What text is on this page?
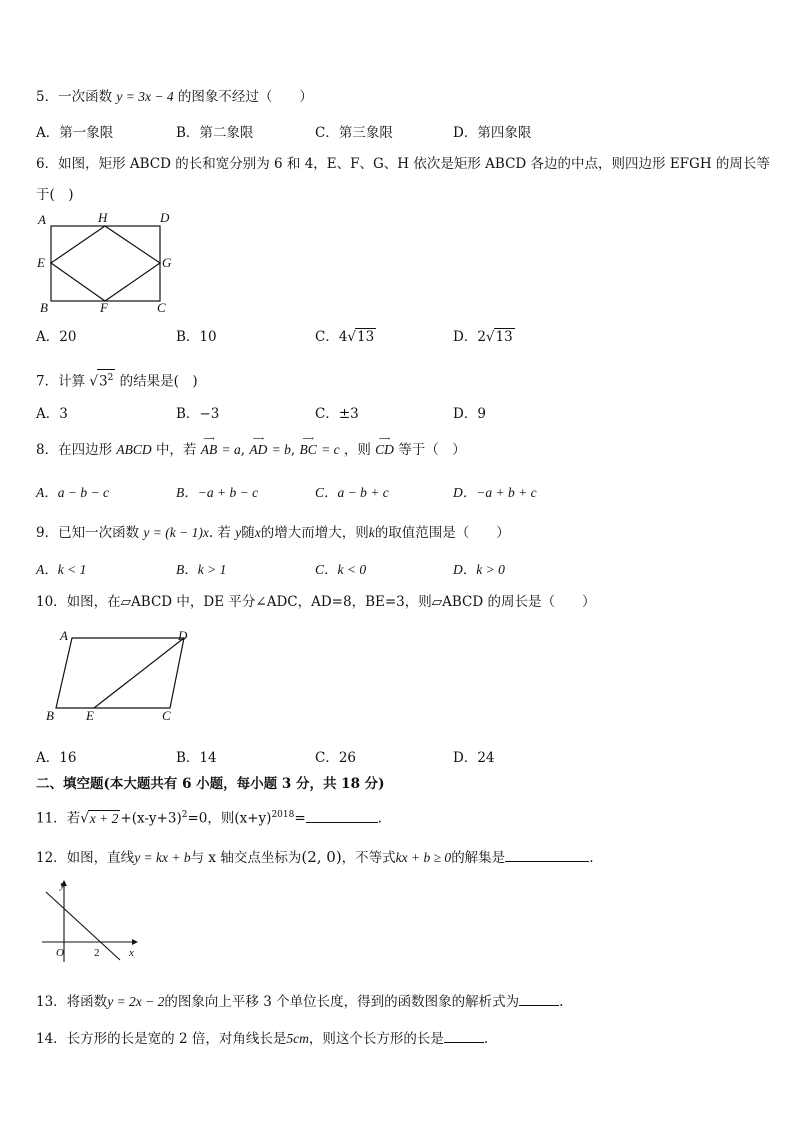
5．一次函数 y = 3x − 4 的图象不经过（　　）
A．第一象限	B．第二象限	C．第三象限	D．第四象限
6．如图，矩形 ABCD 的长和宽分别为 6 和 4，E、F、G、H 依次是矩形 ABCD 各边的中点，则四边形 EFGH 的周长等
于(　)
A	H	D
E	G
B	F	C
A．20	B．10	C．4√13	D．2√13
7．计算 $√3^2$ 的结果是(　)
A．3	B．−3	C．±3	D．9
8．在四边形 ABCD 中，若
⟶
AB = a,
⟶
AD = b,
⟶
BC = c ，则
⟶
CD 等于（　）
A．a − b − c	B．−a + b − c	C．a − b + c	D．−a + b + c
9．已知一次函数 y = (k − 1)x. 若 y随x的增大而增大，则k的取值范围是（　　）
A．k < 1	B．k > 1	C．k < 0	D．k > 0
10．如图，在▱ABCD 中，DE 平分∠ADC，AD=8，BE=3，则▱ABCD 的周长是（　　）
A	D
B E	C
A．16	B．14	C．26	D．24
二、填空题(本大题共有 6 小题，每小题 3 分，共 18 分)
11．若$√x + 2 +(x-y+3)^2=0$，则$(x+y)^{2018}=$	.
12．如图，直线y = kx + b与 x 轴交点坐标为(2, 0)，不等式kx + b ≥ 0的解集是	.
y
x
O	2
13．将函数y = 2x − 2的图象向上平移 3 个单位长度，得到的函数图象的解析式为	.
14．长方形的长是宽的 2 倍，对角线长是5cm，则这个长方形的长是	.
